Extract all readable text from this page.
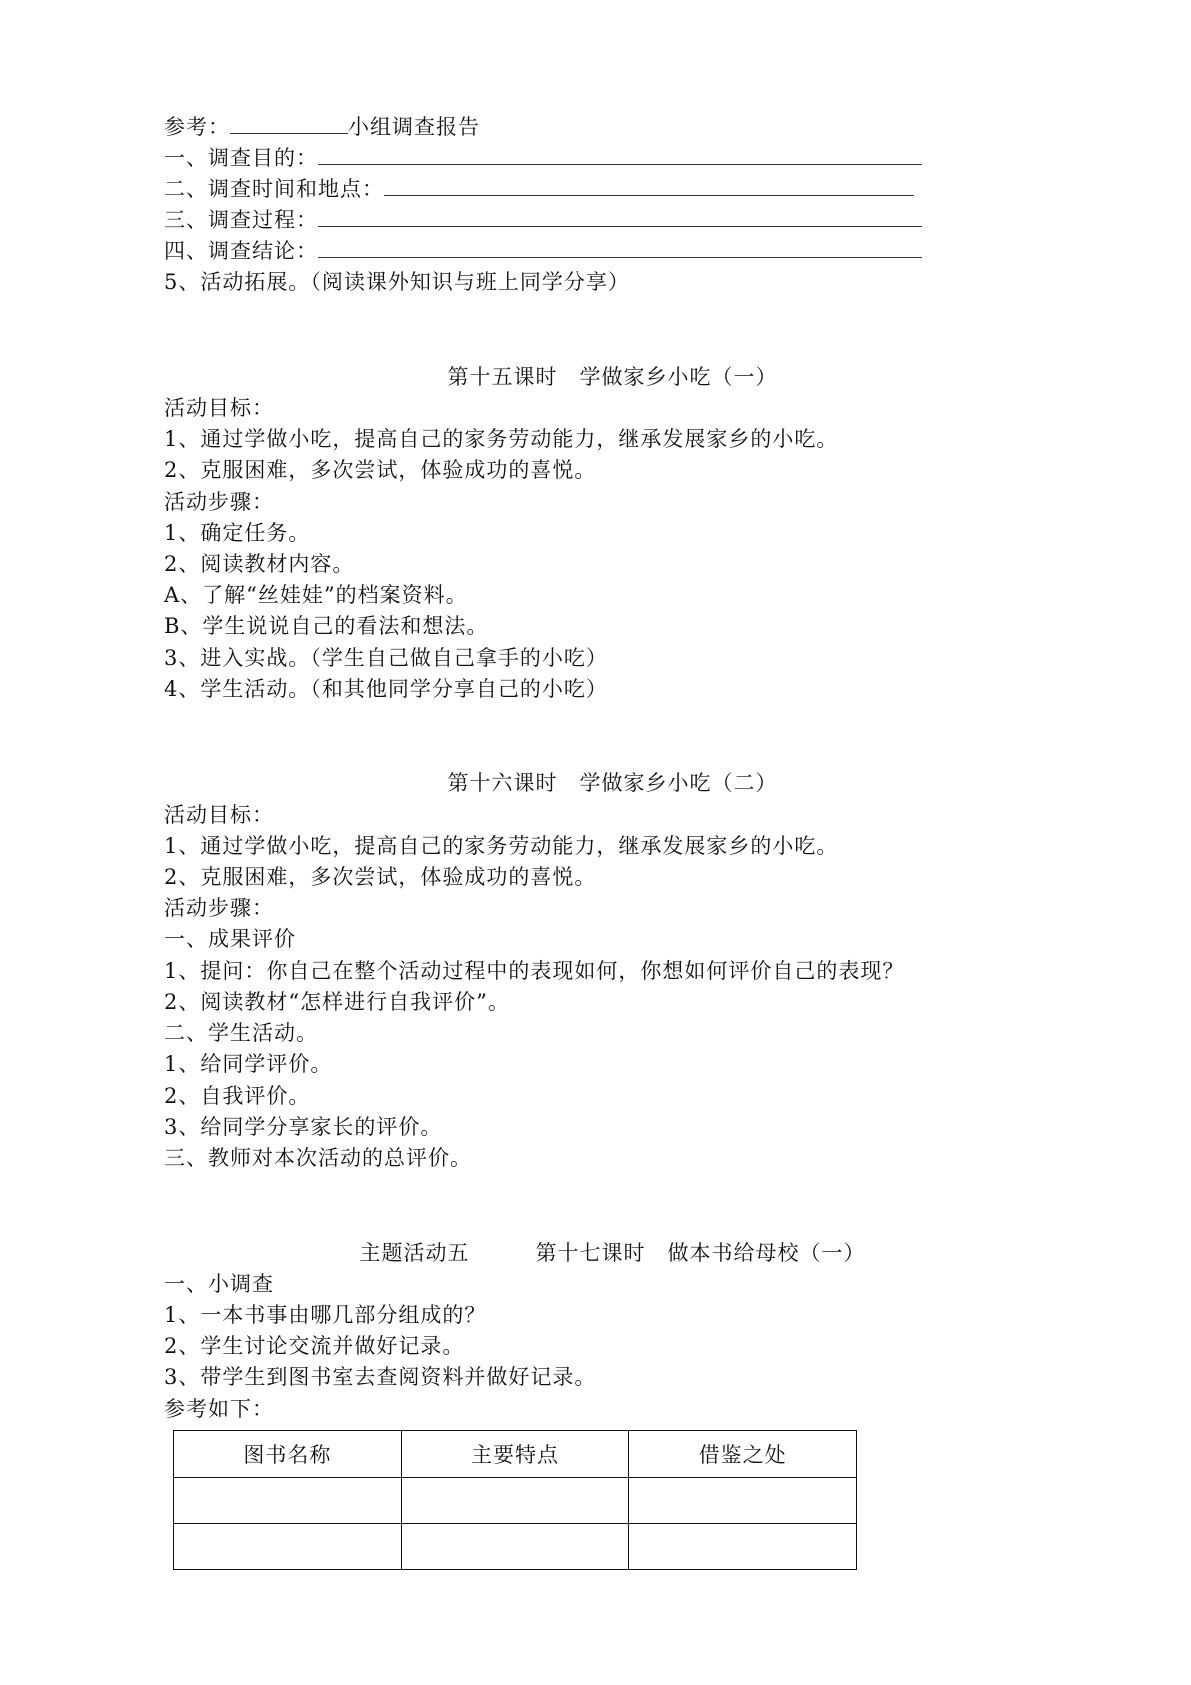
参考：	小组调查报告
一、调查目的：
二、调查时间和地点：
三、调查过程：
四、调查结论：
5、活动拓展。（阅读课外知识与班上同学分享）
第十五课时　学做家乡小吃（一）
活动目标：
1、通过学做小吃，提高自己的家务劳动能力，继承发展家乡的小吃。
2、克服困难，多次尝试，体验成功的喜悦。
活动步骤：
1、确定任务。
2、阅读教材内容。
A、了解“丝娃娃”的档案资料。
B、学生说说自己的看法和想法。
3、进入实战。（学生自己做自己拿手的小吃）
4、学生活动。（和其他同学分享自己的小吃）
第十六课时　学做家乡小吃（二）
活动目标：
1、通过学做小吃，提高自己的家务劳动能力，继承发展家乡的小吃。
2、克服困难，多次尝试，体验成功的喜悦。
活动步骤：
一、成果评价
1、提问：你自己在整个活动过程中的表现如何，你想如何评价自己的表现？
2、阅读教材“怎样进行自我评价”。
二、学生活动。
1、给同学评价。
2、自我评价。
3、给同学分享家长的评价。
三、教师对本次活动的总评价。
主题活动五　　　第十七课时　做本书给母校（一）
一、小调查
1、一本书事由哪几部分组成的？
2、学生讨论交流并做好记录。
3、带学生到图书室去查阅资料并做好记录。
参考如下：
图书名称	主要特点	借鉴之处
